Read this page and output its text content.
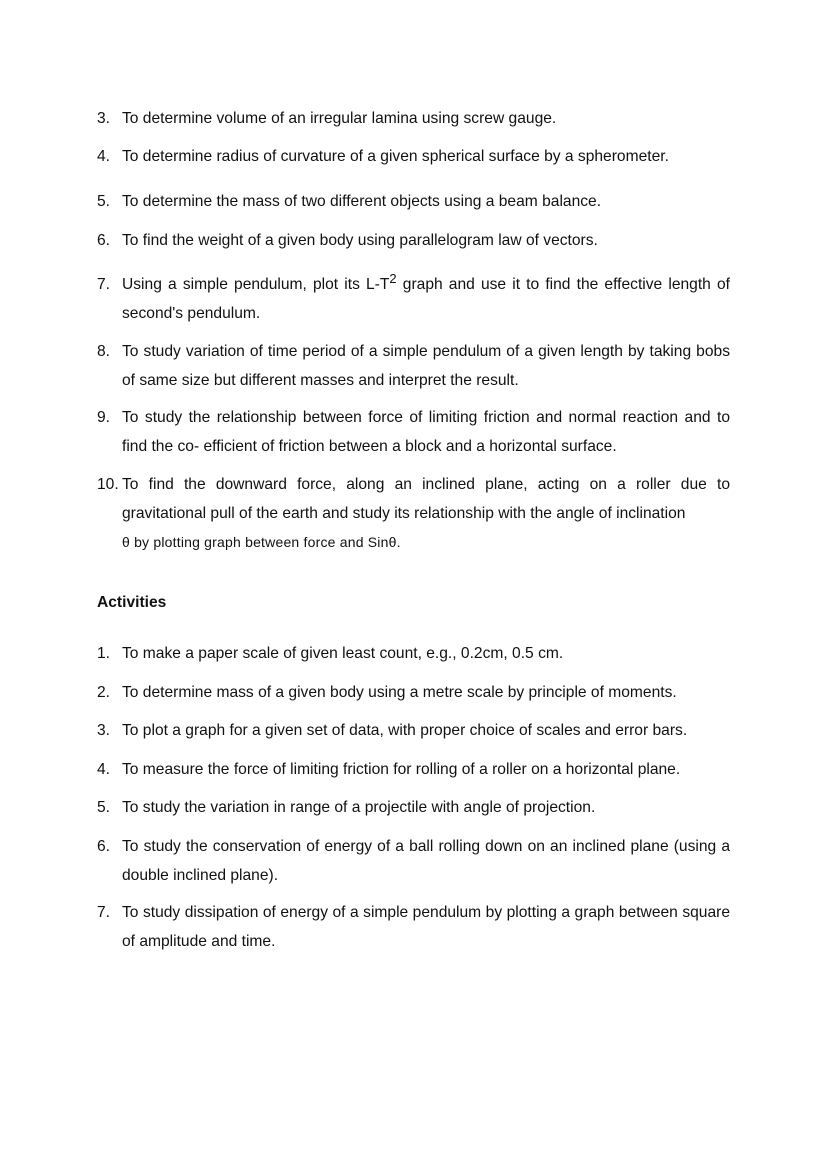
3. To determine volume of an irregular lamina using screw gauge.
4. To determine radius of curvature of a given spherical surface by a spherometer.
5. To determine the mass of two different objects using a beam balance.
6. To find the weight of a given body using parallelogram law of vectors.
7. Using a simple pendulum, plot its $L-T^2$ graph and use it to find the effective length of second's pendulum.
8. To study variation of time period of a simple pendulum of a given length by taking bobs of same size but different masses and interpret the result.
9. To study the relationship between force of limiting friction and normal reaction and to find the co- efficient of friction between a block and a horizontal surface.
10. To find the downward force, along an inclined plane, acting on a roller due to gravitational pull of the earth and study its relationship with the angle of inclination
θ by plotting graph between force and Sinθ.
Activities
1. To make a paper scale of given least count, e.g., 0.2cm, 0.5 cm.
2. To determine mass of a given body using a metre scale by principle of moments.
3. To plot a graph for a given set of data, with proper choice of scales and error bars.
4. To measure the force of limiting friction for rolling of a roller on a horizontal plane.
5. To study the variation in range of a projectile with angle of projection.
6. To study the conservation of energy of a ball rolling down on an inclined plane (using a double inclined plane).
7. To study dissipation of energy of a simple pendulum by plotting a graph between square of amplitude and time.
